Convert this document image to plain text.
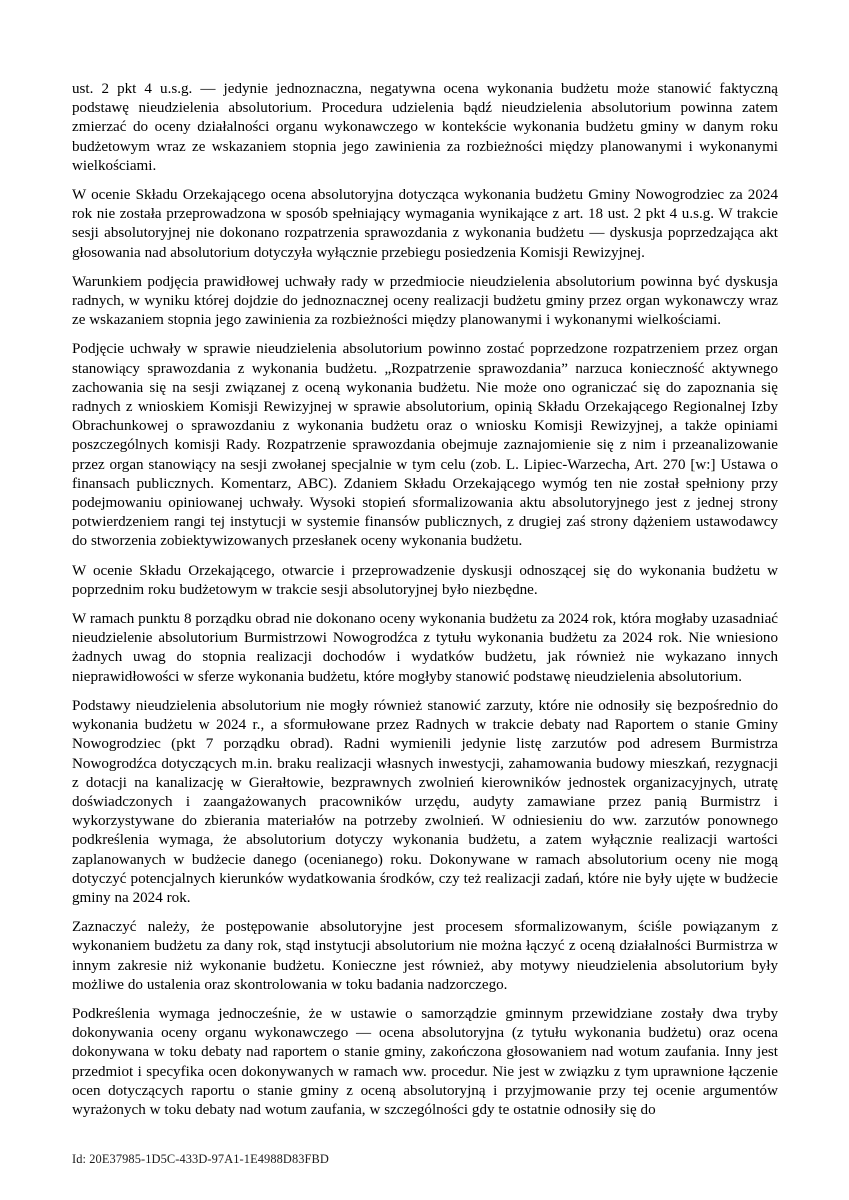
ust. 2 pkt 4 u.s.g. — jedynie jednoznaczna, negatywna ocena wykonania budżetu może stanowić faktyczną podstawę nieudzielenia absolutorium. Procedura udzielenia bądź nieudzielenia absolutorium powinna zatem zmierzać do oceny działalności organu wykonawczego w kontekście wykonania budżetu gminy w danym roku budżetowym wraz ze wskazaniem stopnia jego zawinienia za rozbieżności między planowanymi i wykonanymi wielkościami.

W ocenie Składu Orzekającego ocena absolutoryjna dotycząca wykonania budżetu Gminy Nowogrodziec za 2024 rok nie została przeprowadzona w sposób spełniający wymagania wynikające z art. 18 ust. 2 pkt 4 u.s.g. W trakcie sesji absolutoryjnej nie dokonano rozpatrzenia sprawozdania z wykonania budżetu — dyskusja poprzedzająca akt głosowania nad absolutorium dotyczyła wyłącznie przebiegu posiedzenia Komisji Rewizyjnej.

Warunkiem podjęcia prawidłowej uchwały rady w przedmiocie nieudzielenia absolutorium powinna być dyskusja radnych, w wyniku której dojdzie do jednoznacznej oceny realizacji budżetu gminy przez organ wykonawczy wraz ze wskazaniem stopnia jego zawinienia za rozbieżności między planowanymi i wykonanymi wielkościami.

Podjęcie uchwały w sprawie nieudzielenia absolutorium powinno zostać poprzedzone rozpatrzeniem przez organ stanowiący sprawozdania z wykonania budżetu. „Rozpatrzenie sprawozdania” narzuca konieczność aktywnego zachowania się na sesji związanej z oceną wykonania budżetu. Nie może ono ograniczać się do zapoznania się radnych z wnioskiem Komisji Rewizyjnej w sprawie absolutorium, opinią Składu Orzekającego Regionalnej Izby Obrachunkowej o sprawozdaniu z wykonania budżetu oraz o wniosku Komisji Rewizyjnej, a także opiniami poszczególnych komisji Rady. Rozpatrzenie sprawozdania obejmuje zaznajomienie się z nim i przeanalizowanie przez organ stanowiący na sesji zwołanej specjalnie w tym celu (zob. L. Lipiec-Warzecha, Art. 270 [w:] Ustawa o finansach publicznych. Komentarz, ABC). Zdaniem Składu Orzekającego wymóg ten nie został spełniony przy podejmowaniu opiniowanej uchwały. Wysoki stopień sformalizowania aktu absolutoryjnego jest z jednej strony potwierdzeniem rangi tej instytucji w systemie finansów publicznych, z drugiej zaś strony dążeniem ustawodawcy do stworzenia zobiektywizowanych przesłanek oceny wykonania budżetu.

W ocenie Składu Orzekającego, otwarcie i przeprowadzenie dyskusji odnoszącej się do wykonania budżetu w poprzednim roku budżetowym w trakcie sesji absolutoryjnej było niezbędne.

W ramach punktu 8 porządku obrad nie dokonano oceny wykonania budżetu za 2024 rok, która mogłaby uzasadniać nieudzielenie absolutorium Burmistrzowi Nowogrodźca z tytułu wykonania budżetu za 2024 rok. Nie wniesiono żadnych uwag do stopnia realizacji dochodów i wydatków budżetu, jak również nie wykazano innych nieprawidłowości w sferze wykonania budżetu, które mogłyby stanowić podstawę nieudzielenia absolutorium.

Podstawy nieudzielenia absolutorium nie mogły również stanowić zarzuty, które nie odnosiły się bezpośrednio do wykonania budżetu w 2024 r., a sformułowane przez Radnych w trakcie debaty nad Raportem o stanie Gminy Nowogrodziec (pkt 7 porządku obrad). Radni wymienili jedynie listę zarzutów pod adresem Burmistrza Nowogrodźca dotyczących m.in. braku realizacji własnych inwestycji, zahamowania budowy mieszkań, rezygnacji z dotacji na kanalizację w Gierałtowie, bezprawnych zwolnień kierowników jednostek organizacyjnych, utratę doświadczonych i zaangażowanych pracowników urzędu, audyty zamawiane przez panią Burmistrz i wykorzystywane do zbierania materiałów na potrzeby zwolnień. W odniesieniu do ww. zarzutów ponownego podkreślenia wymaga, że absolutorium dotyczy wykonania budżetu, a zatem wyłącznie realizacji wartości zaplanowanych w budżecie danego (ocenianego) roku. Dokonywane w ramach absolutorium oceny nie mogą dotyczyć potencjalnych kierunków wydatkowania środków, czy też realizacji zadań, które nie były ujęte w budżecie gminy na 2024 rok.

Zaznaczyć należy, że postępowanie absolutoryjne jest procesem sformalizowanym, ściśle powiązanym z wykonaniem budżetu za dany rok, stąd instytucji absolutorium nie można łączyć z oceną działalności Burmistrza w innym zakresie niż wykonanie budżetu. Konieczne jest również, aby motywy nieudzielenia absolutorium były możliwe do ustalenia oraz skontrolowania w toku badania nadzorczego.

Podkreślenia wymaga jednocześnie, że w ustawie o samorządzie gminnym przewidziane zostały dwa tryby dokonywania oceny organu wykonawczego — ocena absolutoryjna (z tytułu wykonania budżetu) oraz ocena dokonywana w toku debaty nad raportem o stanie gminy, zakończona głosowaniem nad wotum zaufania. Inny jest przedmiot i specyfika ocen dokonywanych w ramach ww. procedur. Nie jest w związku z tym uprawnione łączenie ocen dotyczących raportu o stanie gminy z oceną absolutoryjną i przyjmowanie przy tej ocenie argumentów wyrażonych w toku debaty nad wotum zaufania, w szczególności gdy te ostatnie odnosiły się do

Id: 20E37985-1D5C-433D-97A1-1E4988D83FBD
